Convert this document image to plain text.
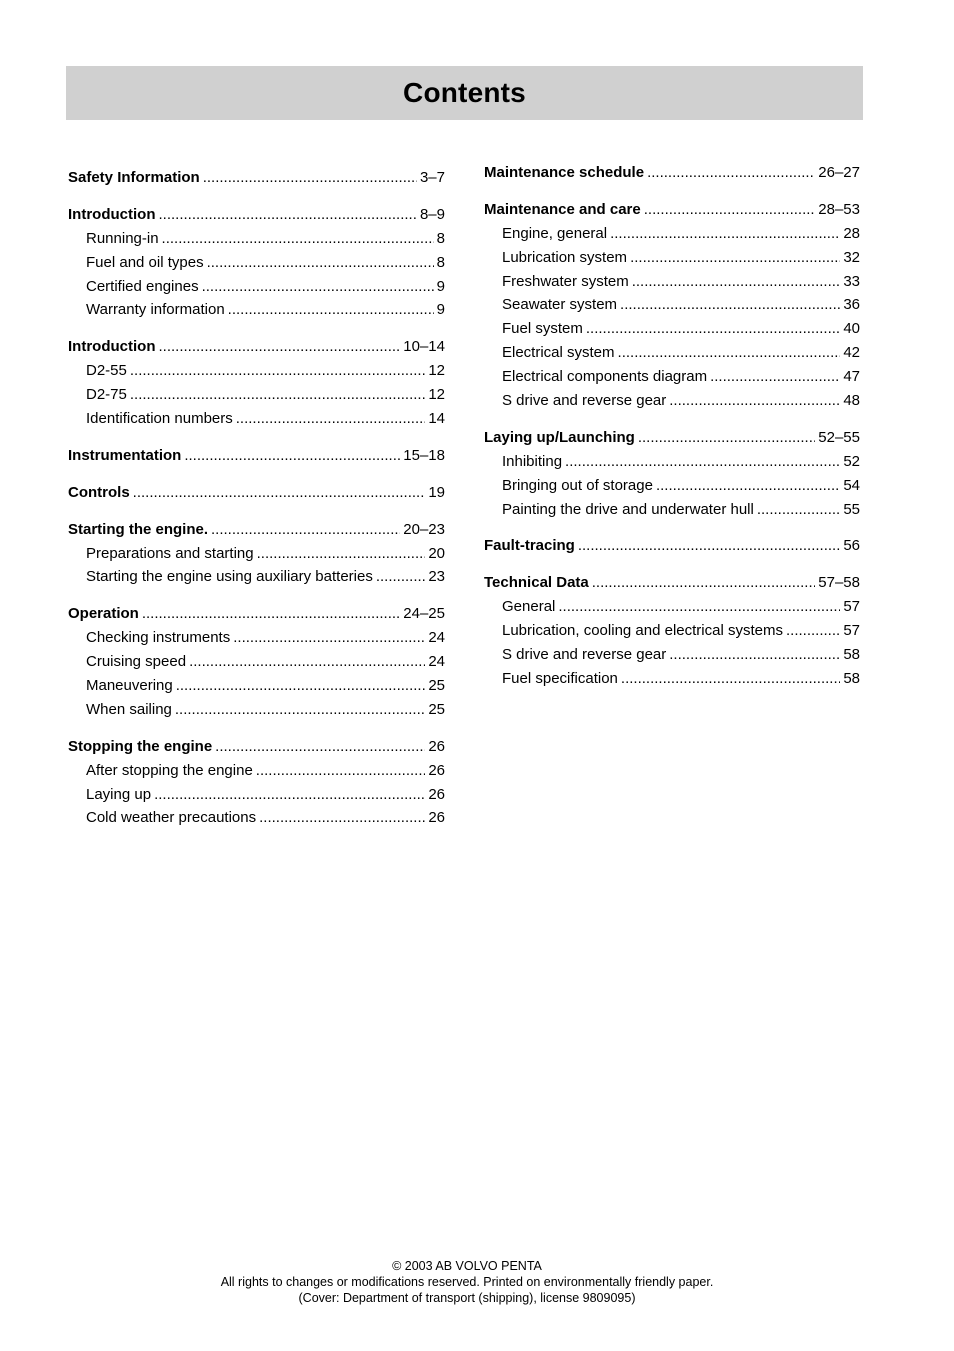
Contents
Safety Information .....	3–7
Introduction .....	8–9
Running-in .....	8
Fuel and oil types .....	8
Certified engines .....	9
Warranty information .....	9
Introduction .....	10–14
D2-55 .....	12
D2-75 .....	12
Identification numbers .....	14
Instrumentation .....	15–18
Controls .....	19
Starting the engine. .....	20–23
Preparations and starting .....	20
Starting the engine using auxiliary batteries .....	23
Operation .....	24–25
Checking instruments .....	24
Cruising speed .....	24
Maneuvering .....	25
When sailing .....	25
Stopping the engine .....	26
After stopping the engine .....	26
Laying up .....	26
Cold weather precautions .....	26
Maintenance schedule .....	26–27
Maintenance and care .....	28–53
Engine, general .....	28
Lubrication system .....	32
Freshwater system .....	33
Seawater system .....	36
Fuel system .....	40
Electrical system .....	42
Electrical components diagram .....	47
S drive and reverse gear .....	48
Laying up/Launching .....	52–55
Inhibiting .....	52
Bringing out of storage .....	54
Painting the drive and underwater hull .....	55
Fault-tracing .....	56
Technical Data .....	57–58
General .....	57
Lubrication, cooling and electrical systems .....	57
S drive and reverse gear .....	58
Fuel specification .....	58
© 2003 AB VOLVO PENTA
All rights to changes or modifications reserved. Printed on environmentally friendly paper.
(Cover: Department of transport (shipping), license 9809095)
